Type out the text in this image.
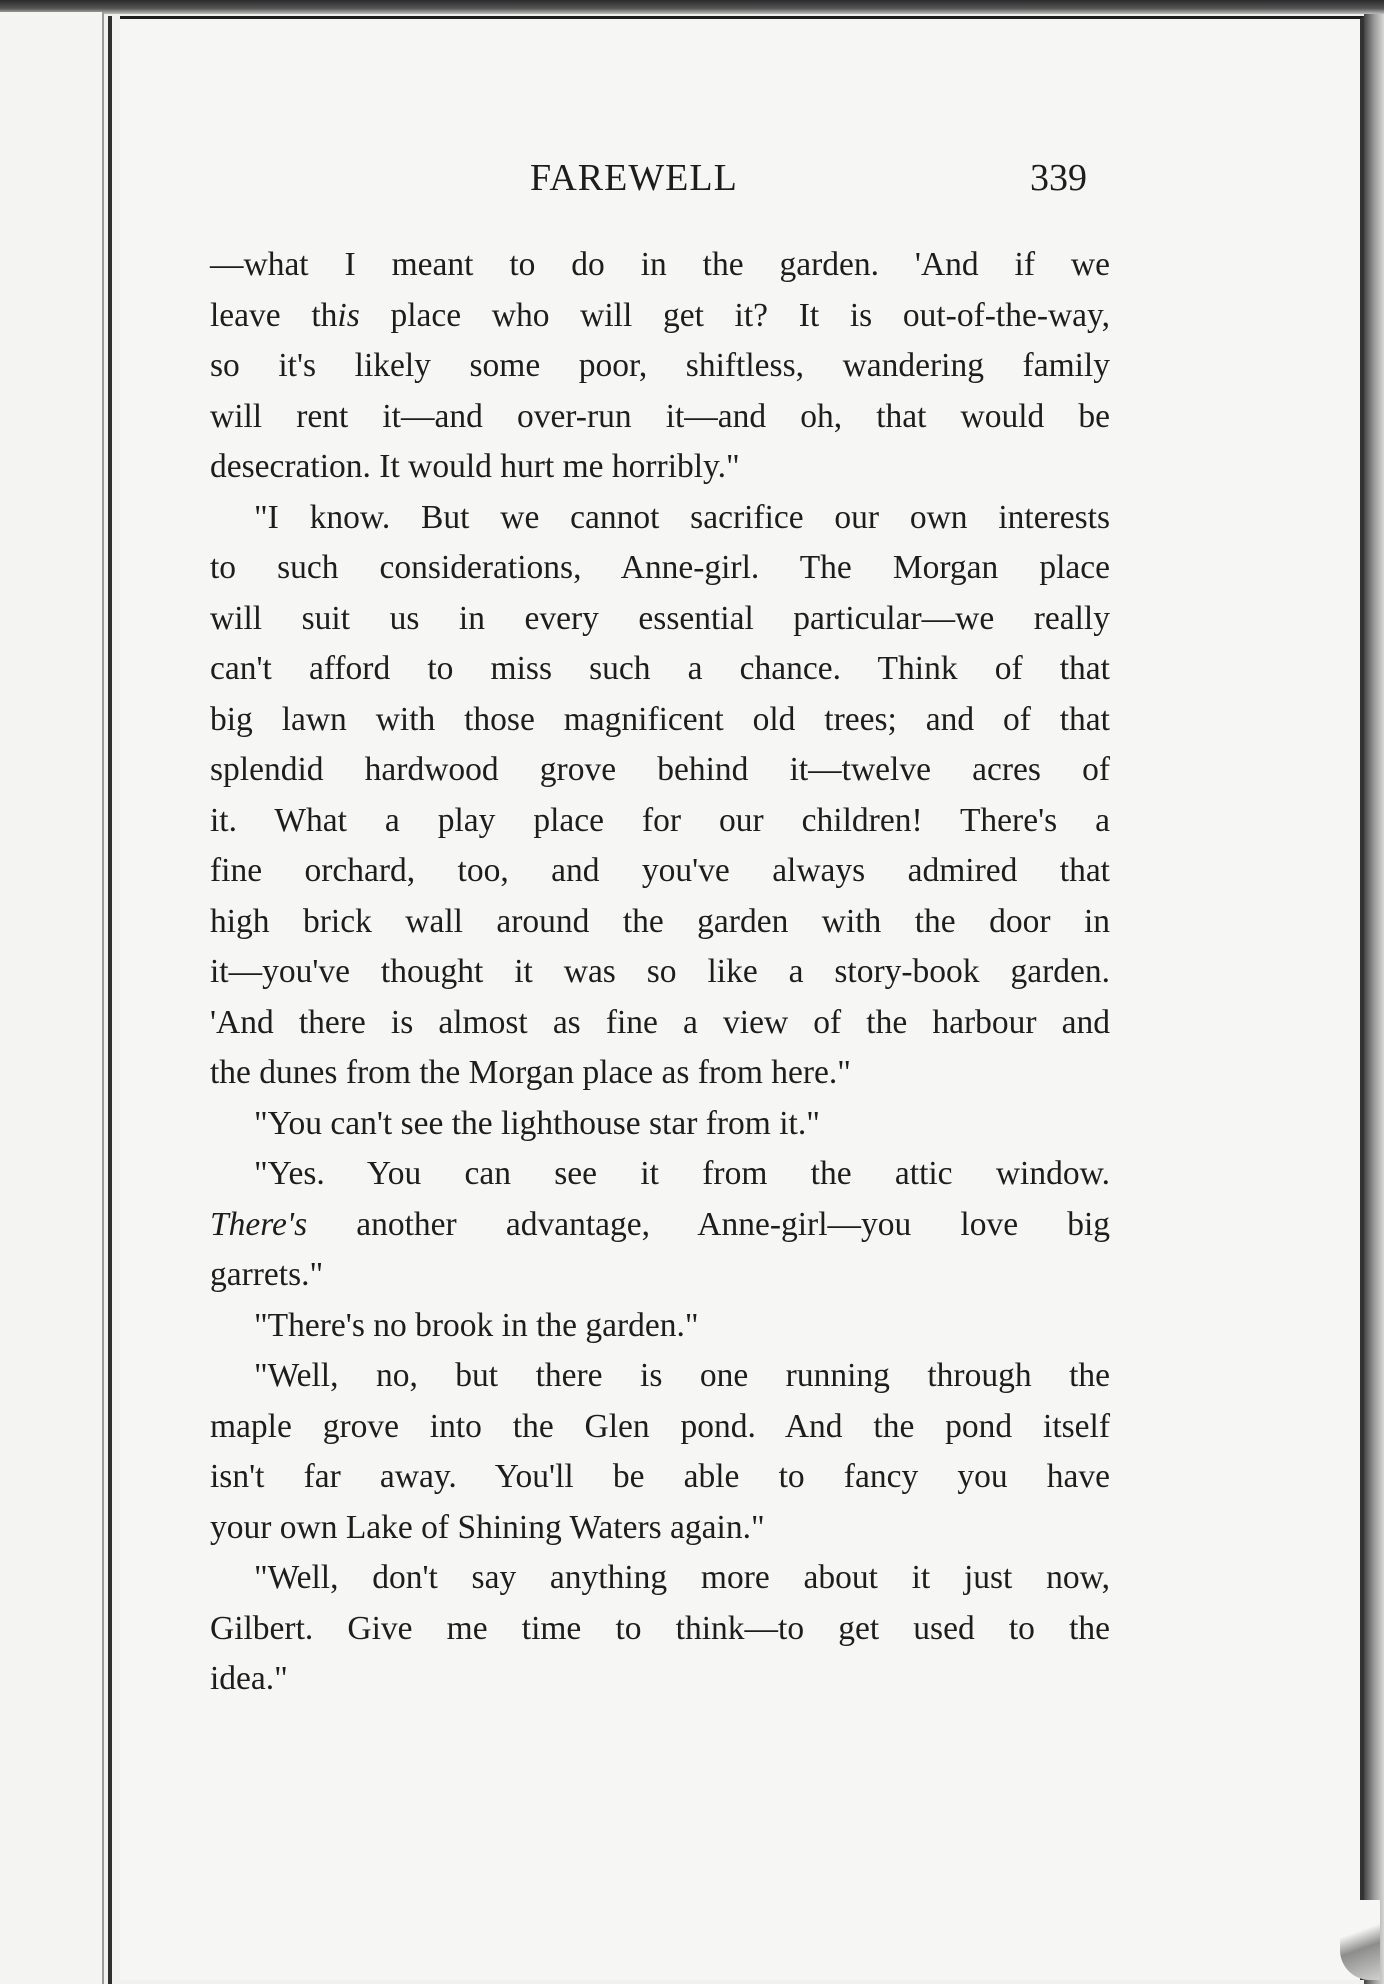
FAREWELL	339
—what I meant to do in the garden. 'And if we
leave this place who will get it? It is out-of-the-way,
so it's likely some poor, shiftless, wandering family
will rent it—and over-run it—and oh, that would be
desecration. It would hurt me horribly."
"I know. But we cannot sacrifice our own interests
to such considerations, Anne-girl. The Morgan place
will suit us in every essential particular—we really
can't afford to miss such a chance. Think of that
big lawn with those magnificent old trees; and of that
splendid hardwood grove behind it—twelve acres of
it. What a play place for our children! There's a
fine orchard, too, and you've always admired that
high brick wall around the garden with the door in
it—you've thought it was so like a story-book garden.
'And there is almost as fine a view of the harbour and
the dunes from the Morgan place as from here."
"You can't see the lighthouse star from it."
"Yes. You can see it from the attic window.
There's another advantage, Anne-girl—you love big
garrets."
"There's no brook in the garden."
"Well, no, but there is one running through the
maple grove into the Glen pond. And the pond itself
isn't far away. You'll be able to fancy you have
your own Lake of Shining Waters again."
"Well, don't say anything more about it just now,
Gilbert. Give me time to think—to get used to the
idea."
